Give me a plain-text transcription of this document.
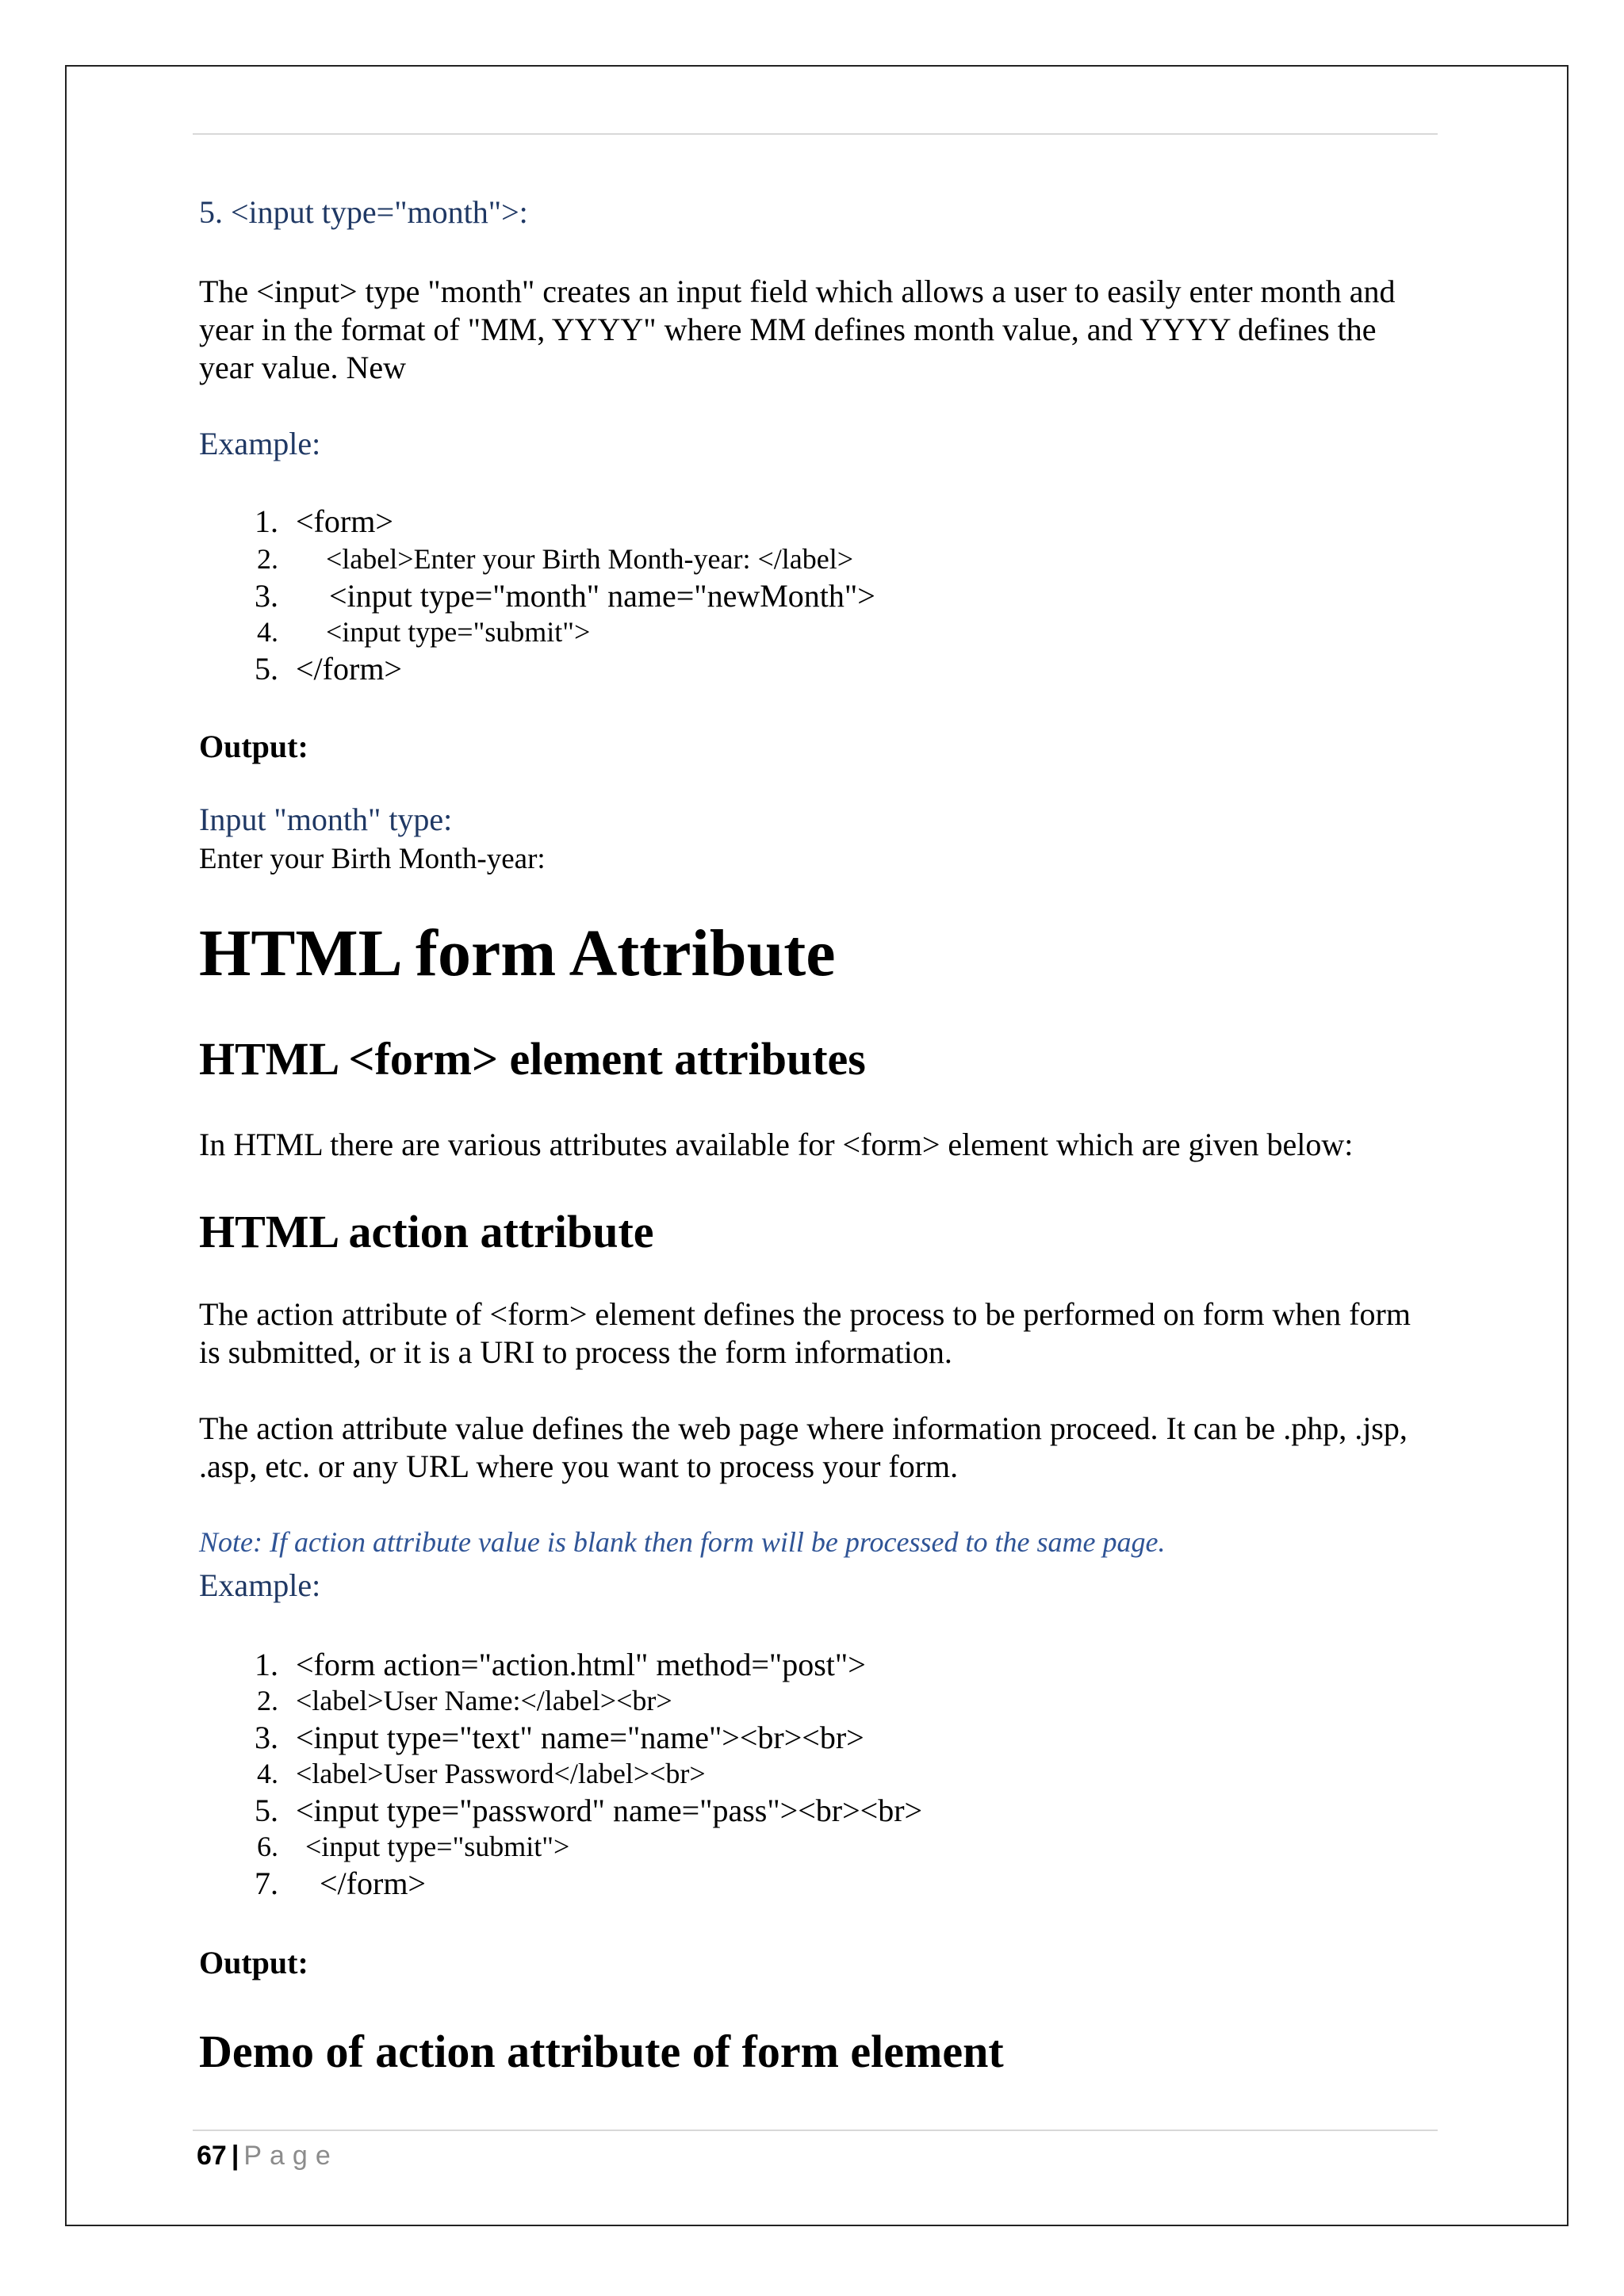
5. <input type="month">:
The <input> type "month" creates an input field which allows a user to easily enter month and year in the format of "MM, YYYY" where MM defines month value, and YYYY defines the year value. New
Example:
1. <form>
2. <label>Enter your Birth Month-year: </label>
3. <input type="month" name="newMonth">
4. <input type="submit">
5. </form>
Output:
Input "month" type:
Enter your Birth Month-year:
HTML form Attribute
HTML <form> element attributes
In HTML there are various attributes available for <form> element which are given below:
HTML action attribute
The action attribute of <form> element defines the process to be performed on form when form is submitted, or it is a URI to process the form information.
The action attribute value defines the web page where information proceed. It can be .php, .jsp, .asp, etc. or any URL where you want to process your form.
Note: If action attribute value is blank then form will be processed to the same page.
Example:
1. <form action="action.html" method="post">
2. <label>User Name:</label><br>
3. <input type="text" name="name"><br><br>
4. <label>User Password</label><br>
5. <input type="password" name="pass"><br><br>
6. <input type="submit">
7. </form>
Output:
Demo of action attribute of form element
67 | Page
